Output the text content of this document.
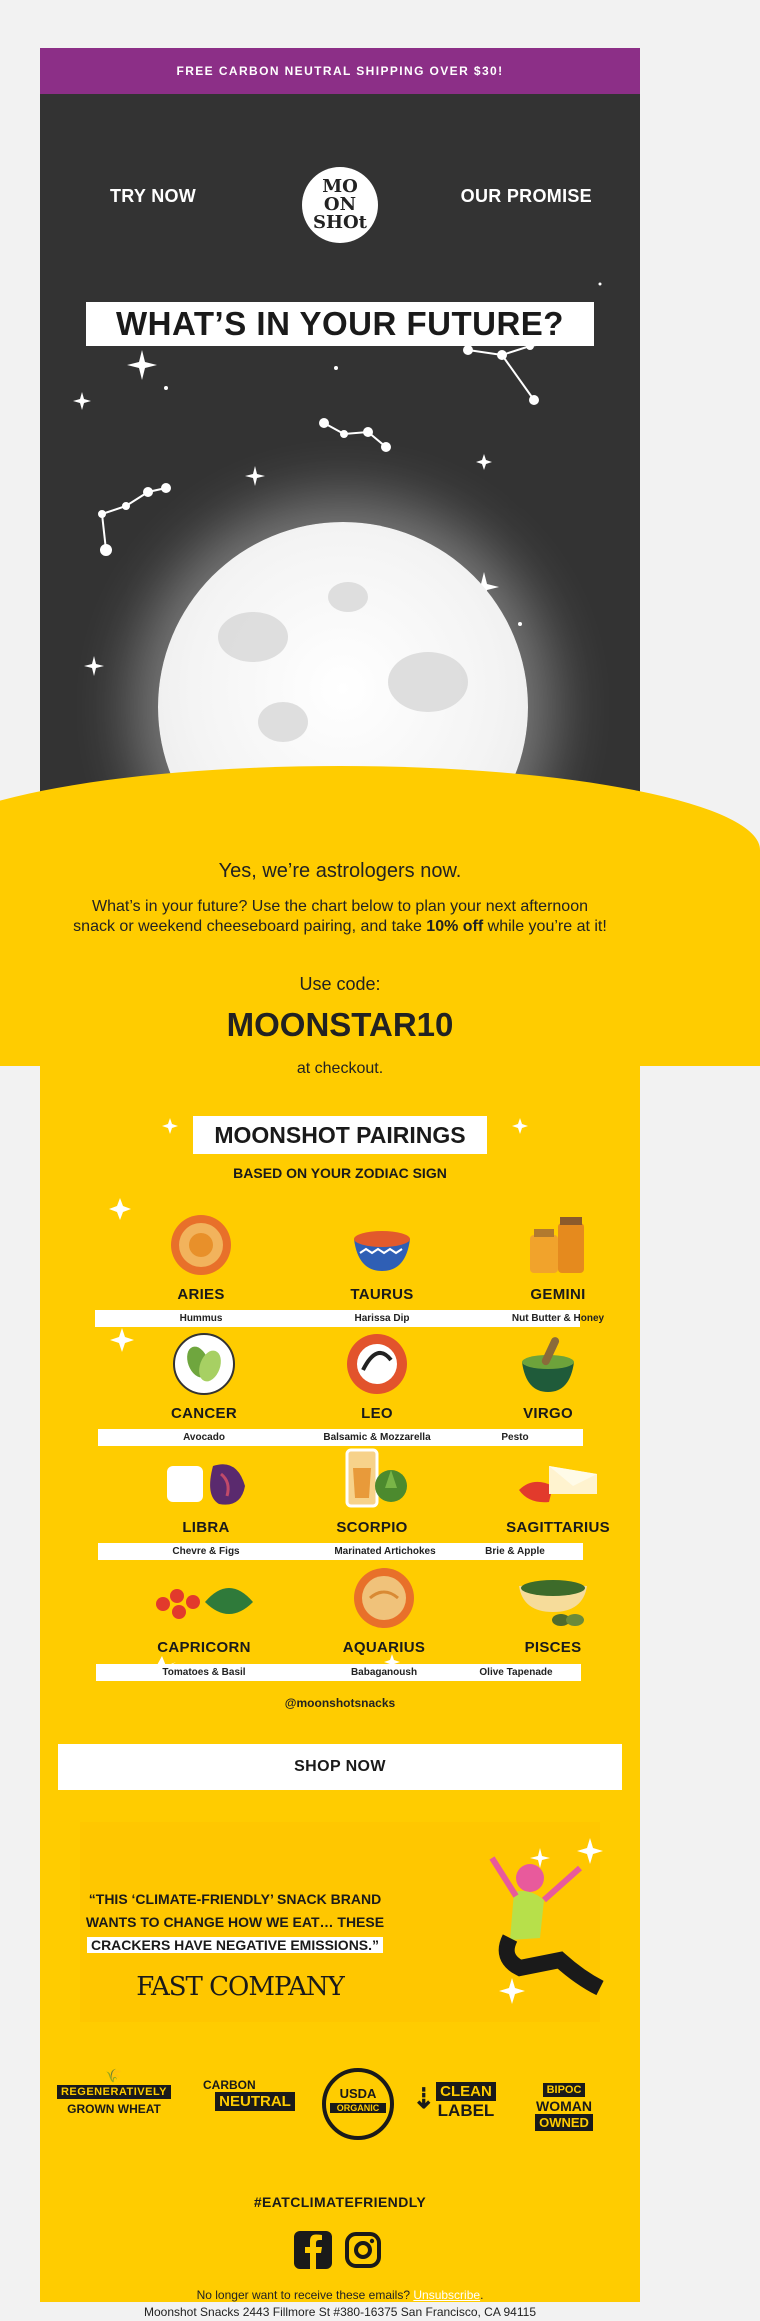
FREE CARBON NEUTRAL SHIPPING OVER $30!
TRY NOW	MO
ON
SHOt
OUR PROMISE
WHAT’S IN YOUR FUTURE?
Yes, we’re astrologers now.
What’s in your future? Use the chart below to plan your next afternoon snack or weekend cheeseboard pairing, and take 10% off while you’re at it!
Use code:
MOONSTAR10
at checkout.
MOONSHOT PAIRINGS
BASED ON YOUR ZODIAC SIGN
ARIES	TAURUS	GEMINI
Hummus	Harissa Dip	Nut Butter & Honey
CANCER	LEO	VIRGO
Avocado	Balsamic & Mozzarella	Pesto
LIBRA	SCORPIO	SAGITTARIUS
Chevre & Figs	Marinated Artichokes	Brie & Apple
CAPRICORN	AQUARIUS	PISCES
Tomatoes & Basil	Babaganoush	Olive Tapenade
@moonshotsnacks
SHOP NOW
“THIS ‘CLIMATE-FRIENDLY’ SNACK BRAND
WANTS TO CHANGE HOW WE EAT… THESE
CRACKERS HAVE NEGATIVE EMISSIONS.”
FAST COMPANY
🌾
REGENERATIVELY
GROWN WHEAT
CARBON
NEUTRAL	USDA
ORGANIC ⇣ CLEAN
LABEL
BIPOC
WOMAN
OWNED
#EATCLIMATEFRIENDLY
No longer want to receive these emails? Unsubscribe.
Moonshot Snacks 2443 Fillmore St #380-16375 San Francisco, CA 94115
